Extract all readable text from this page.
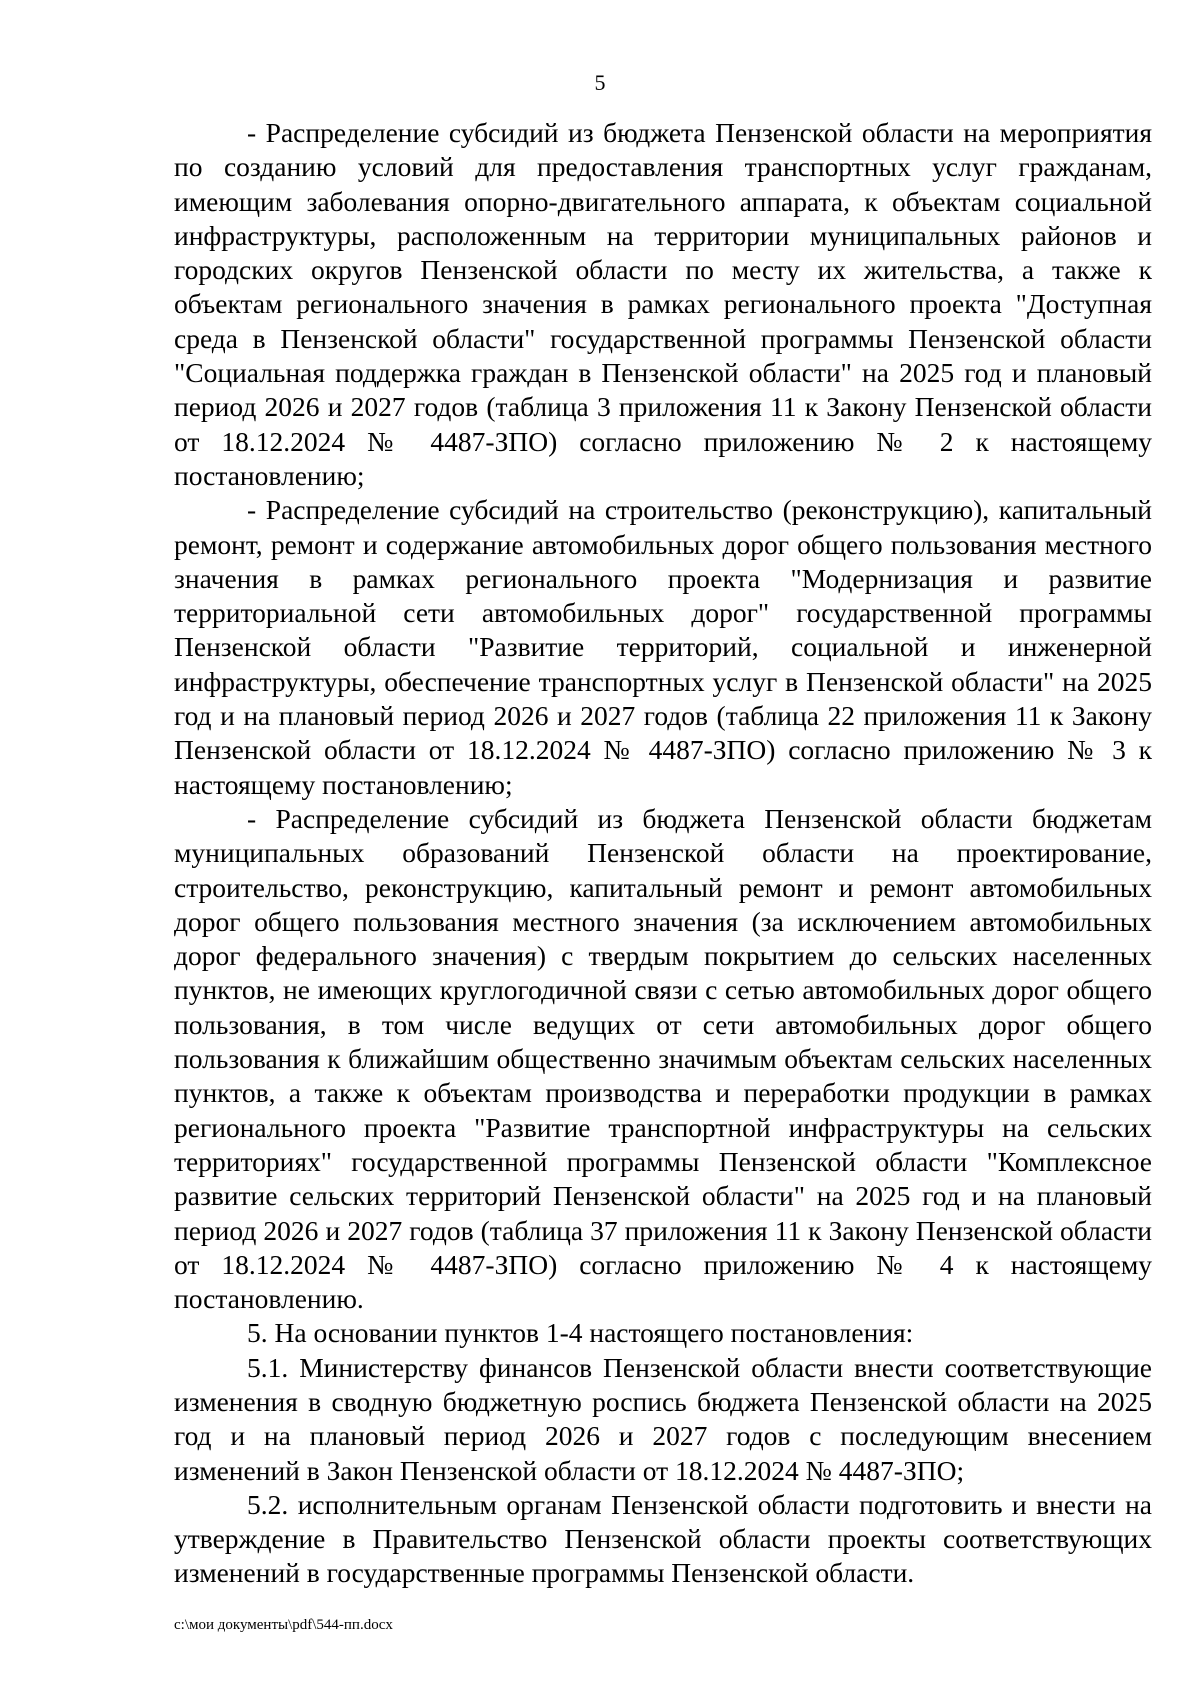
5

- Распределение субсидий из бюджета Пензенской области на мероприятия по созданию условий для предоставления транспортных услуг гражданам, имеющим заболевания опорно-двигательного аппарата, к объектам социальной инфраструктуры, расположенным на территории муниципальных районов и городских округов Пензенской области по месту их жительства, а также к объектам регионального значения в рамках регионального проекта "Доступная среда в Пензенской области" государственной программы Пензенской области "Социальная поддержка граждан в Пензенской области" на 2025 год и плановый период 2026 и 2027 годов (таблица 3 приложения 11 к Закону Пензенской области от 18.12.2024 № 4487-ЗПО) согласно приложению № 2 к настоящему постановлению;

- Распределение субсидий на строительство (реконструкцию), капитальный ремонт, ремонт и содержание автомобильных дорог общего пользования местного значения в рамках регионального проекта "Модернизация и развитие территориальной сети автомобильных дорог" государственной программы Пензенской области "Развитие территорий, социальной и инженерной инфраструктуры, обеспечение транспортных услуг в Пензенской области" на 2025 год и на плановый период 2026 и 2027 годов (таблица 22 приложения 11 к Закону Пензенской области от 18.12.2024 № 4487-ЗПО) согласно приложению № 3 к настоящему постановлению;

- Распределение субсидий из бюджета Пензенской области бюджетам муниципальных образований Пензенской области на проектирование, строительство, реконструкцию, капитальный ремонт и ремонт автомобильных дорог общего пользования местного значения (за исключением автомобильных дорог федерального значения) с твердым покрытием до сельских населенных пунктов, не имеющих круглогодичной связи с сетью автомобильных дорог общего пользования, в том числе ведущих от сети автомобильных дорог общего пользования к ближайшим общественно значимым объектам сельских населенных пунктов, а также к объектам производства и переработки продукции в рамках регионального проекта "Развитие транспортной инфраструктуры на сельских территориях" государственной программы Пензенской области "Комплексное развитие сельских территорий Пензенской области" на 2025 год и на плановый период 2026 и 2027 годов (таблица 37 приложения 11 к Закону Пензенской области от 18.12.2024 № 4487-ЗПО) согласно приложению № 4 к настоящему постановлению.

5. На основании пунктов 1-4 настоящего постановления:

5.1. Министерству финансов Пензенской области внести соответствующие изменения в сводную бюджетную роспись бюджета Пензенской области на 2025 год и на плановый период 2026 и 2027 годов с последующим внесением изменений в Закон Пензенской области от 18.12.2024 № 4487-ЗПО;

5.2. исполнительным органам Пензенской области подготовить и внести на утверждение в Правительство Пензенской области проекты соответствующих изменений в государственные программы Пензенской области.

c:\мои документы\pdf\544-пп.docx
